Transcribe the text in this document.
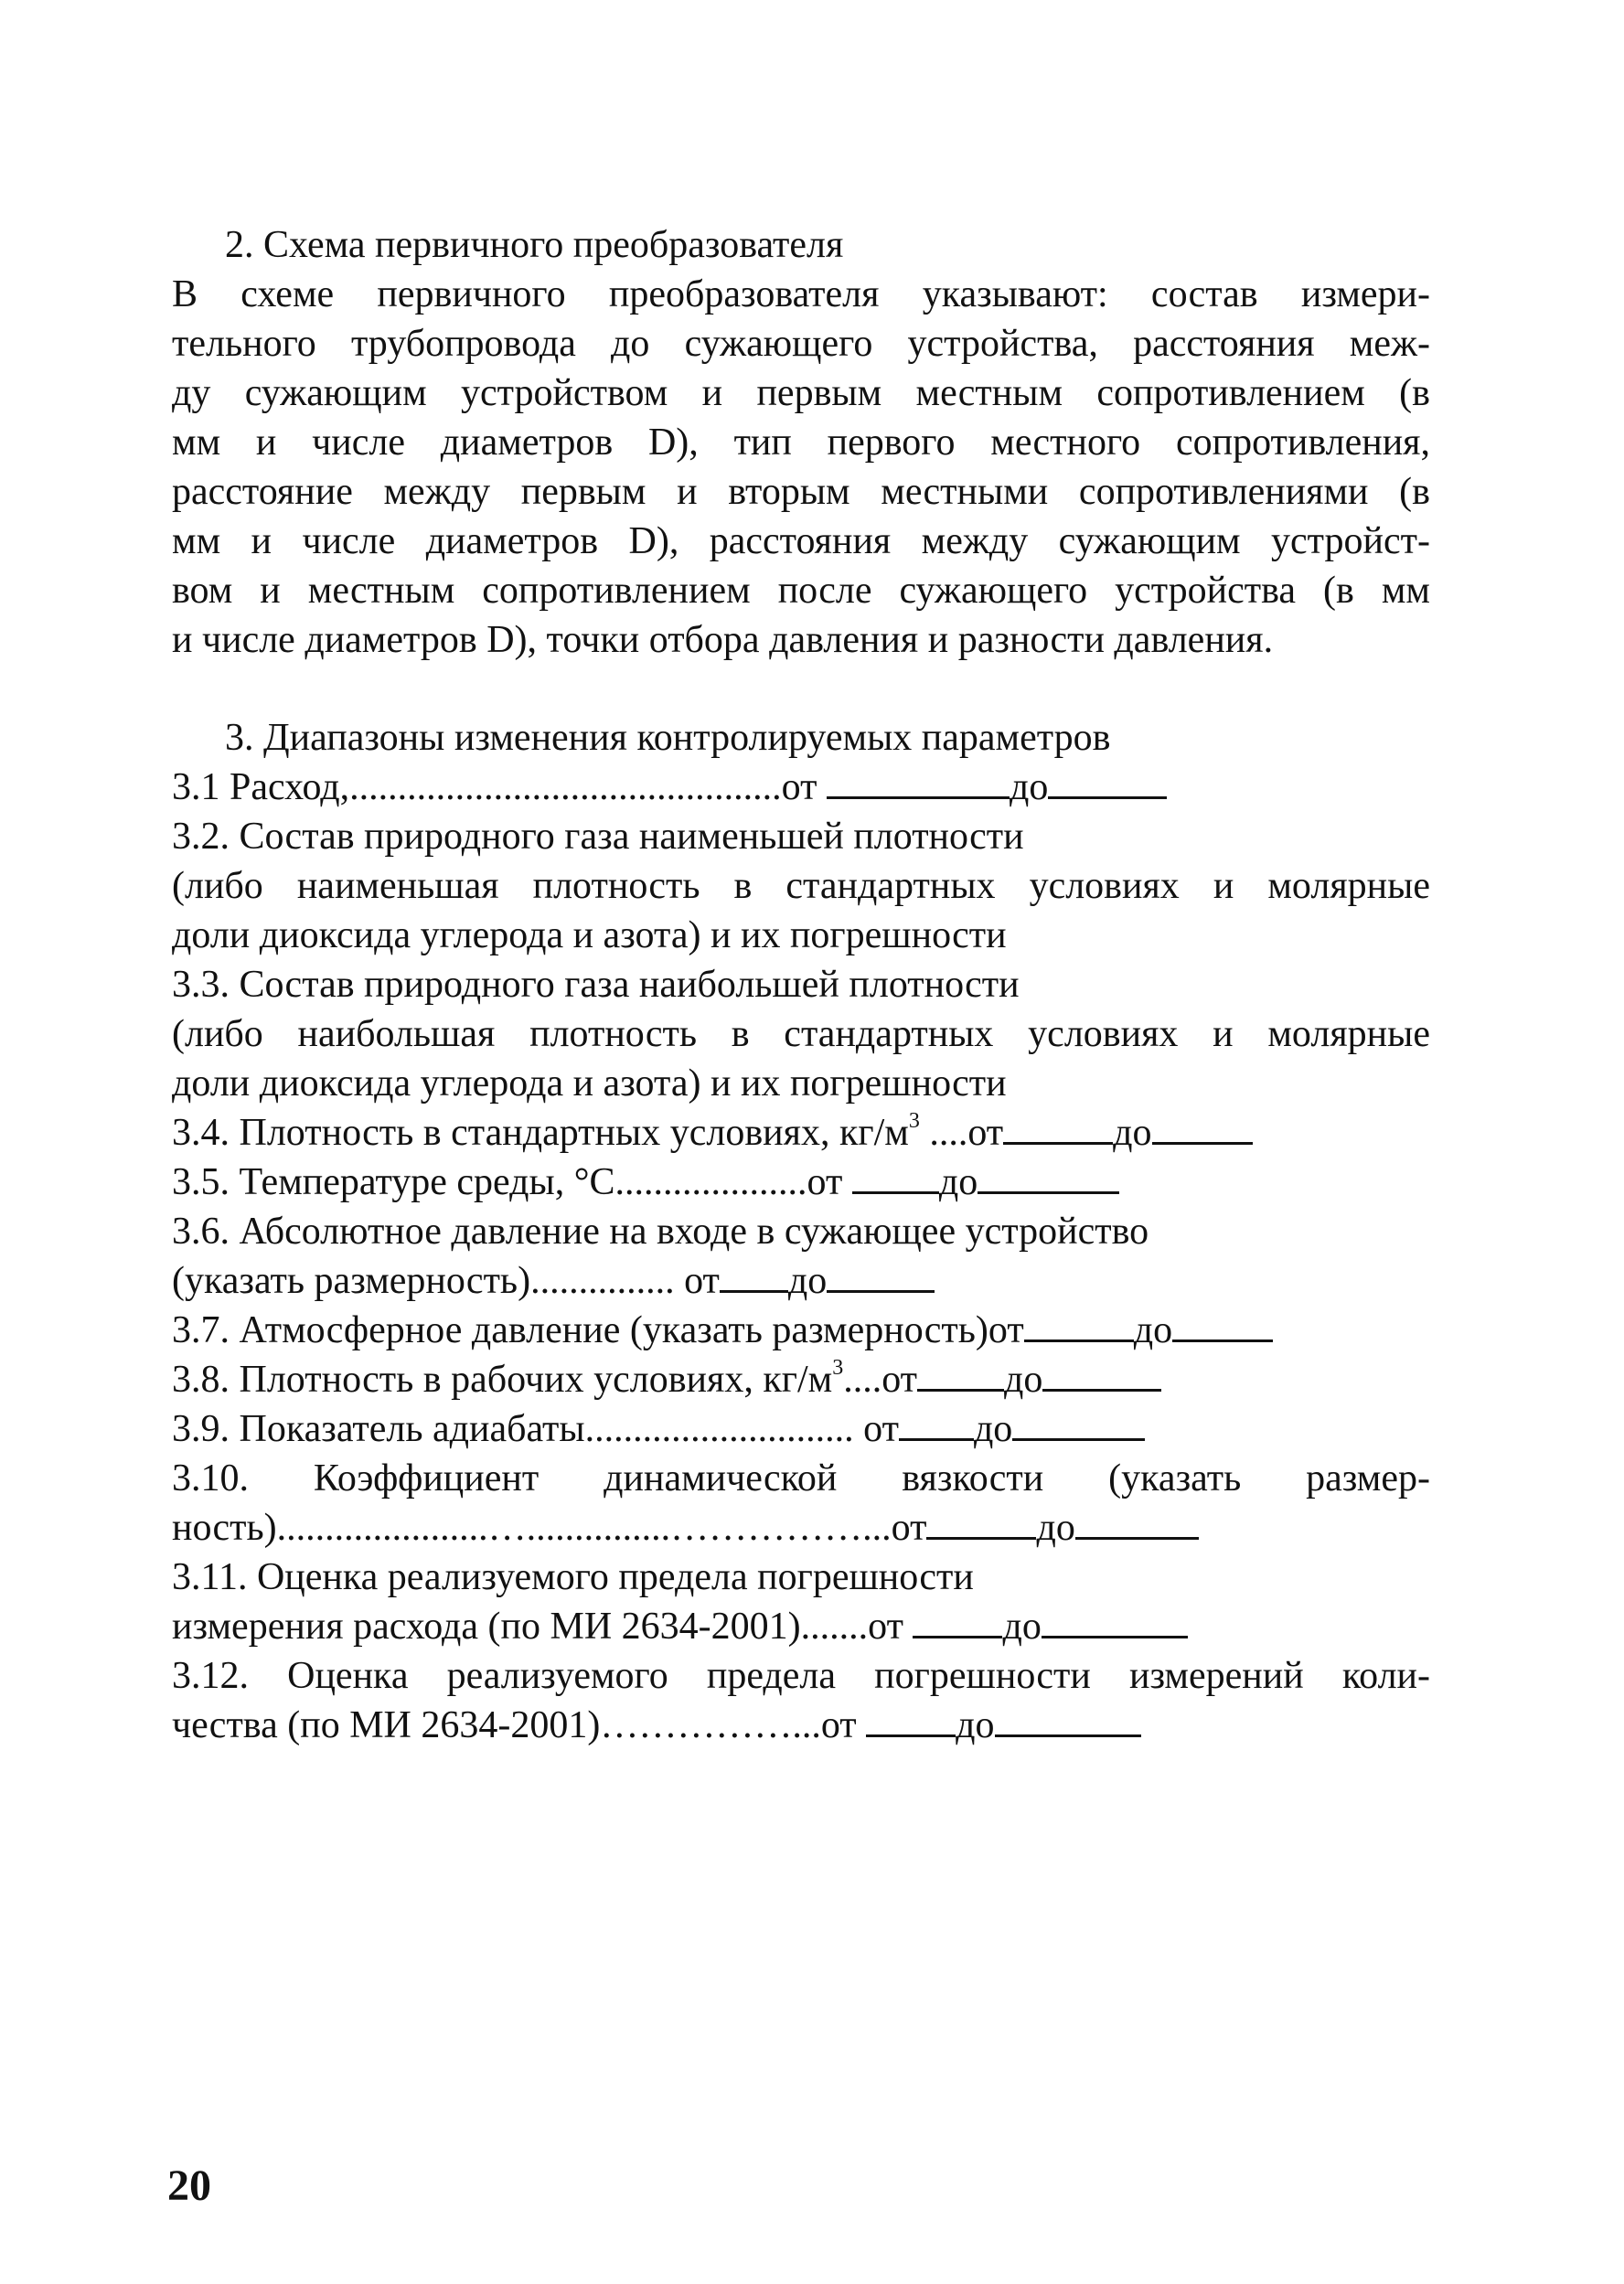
2. Схема первичного преобразователя
В схеме первичного преобразователя указывают: состав измери-
тельного трубопровода до сужающего устройства, расстояния меж-
ду сужающим устройством и первым местным сопротивлением (в
мм и числе диаметров D), тип первого местного сопротивления,
расстояние между первым и вторым местными сопротивлениями (в
мм и числе диаметров D), расстояния между сужающим устройст-
вом и местным сопротивлением после сужающего устройства (в мм
и числе диаметров D), точки отбора давления и разности давления.
3. Диапазоны изменения контролируемых параметров
3.1 Расход,.............................................от	до
3.2. Состав природного газа наименьшей плотности
(либо наименьшая плотность в стандартных условиях и молярные
доли диоксида углерода и азота) и их погрешности
3.3. Состав природного газа наибольшей плотности
(либо наибольшая плотность в стандартных условиях и молярные
доли диоксида углерода и азота) и их погрешности
3.4. Плотность в стандартных условиях, $кг/м^3$ ....от	до
3.5. Температуре среды, °С....................от	до
3.6. Абсолютное давление на входе в сужающее устройство
(указать размерность)............... от до
3.7. Атмосферное давление (указать размерность)от	до
3.8. Плотность в рабочих условиях, $кг/м^3....от$ до
3.9. Показатель адиабаты............................ от до
3.10. Коэффициент динамической вязкости (указать размер-
ность)......................…...............……………...от	до
3.11. Оценка реализуемого предела погрешности
измерения расхода (по МИ 2634-2001).......от	до
3.12. Оценка реализуемого предела погрешности измерений коли-
чества (по МИ 2634-2001)……………...от	до
20
